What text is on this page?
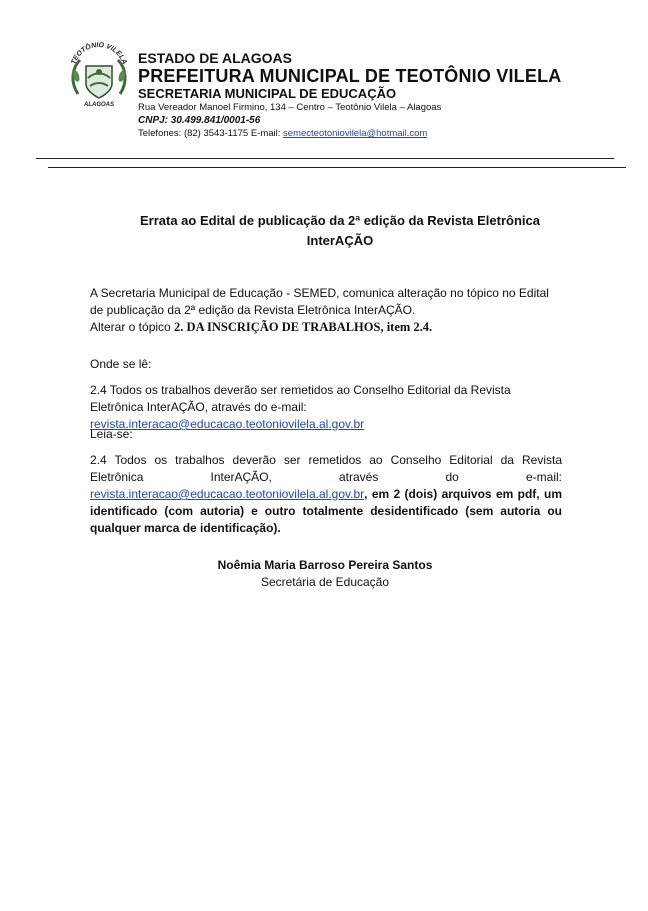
TEOTÔNIO VILELA
ALAGOAS
ESTADO DE ALAGOAS
PREFEITURA MUNICIPAL DE TEOTÔNIO VILELA
SECRETARIA MUNICIPAL DE EDUCAÇÃO
Rua Vereador Manoel Firmino, 134 – Centro – Teotônio Vilela – Alagoas
CNPJ: 30.499.841/0001-56
Telefones: (82) 3543-1175 E-mail: semecteotoniovilela@hotmail.com
Errata ao Edital de publicação da 2ª edição da Revista Eletrônica InterAÇÃO
A Secretaria Municipal de Educação - SEMED, comunica alteração no tópico no Edital de publicação da 2ª edição da Revista Eletrônica InterAÇÃO.
Alterar o tópico 2. DA INSCRIÇÃO DE TRABALHOS, item 2.4.
Onde se lê:
2.4 Todos os trabalhos deverão ser remetidos ao Conselho Editorial da Revista Eletrônica InterAÇÃO, através do e-mail: revista.interacao@educacao.teotoniovilela.al.gov.br
Leia-se:
2.4 Todos os trabalhos deverão ser remetidos ao Conselho Editorial da Revista Eletrônica InterAÇÃO, através do e-mail: revista.interacao@educacao.teotoniovilela.al.gov.br, em 2 (dois) arquivos em pdf, um identificado (com autoria) e outro totalmente desidentificado (sem autoria ou qualquer marca de identificação).
Noêmia Maria Barroso Pereira Santos
Secretária de Educação
